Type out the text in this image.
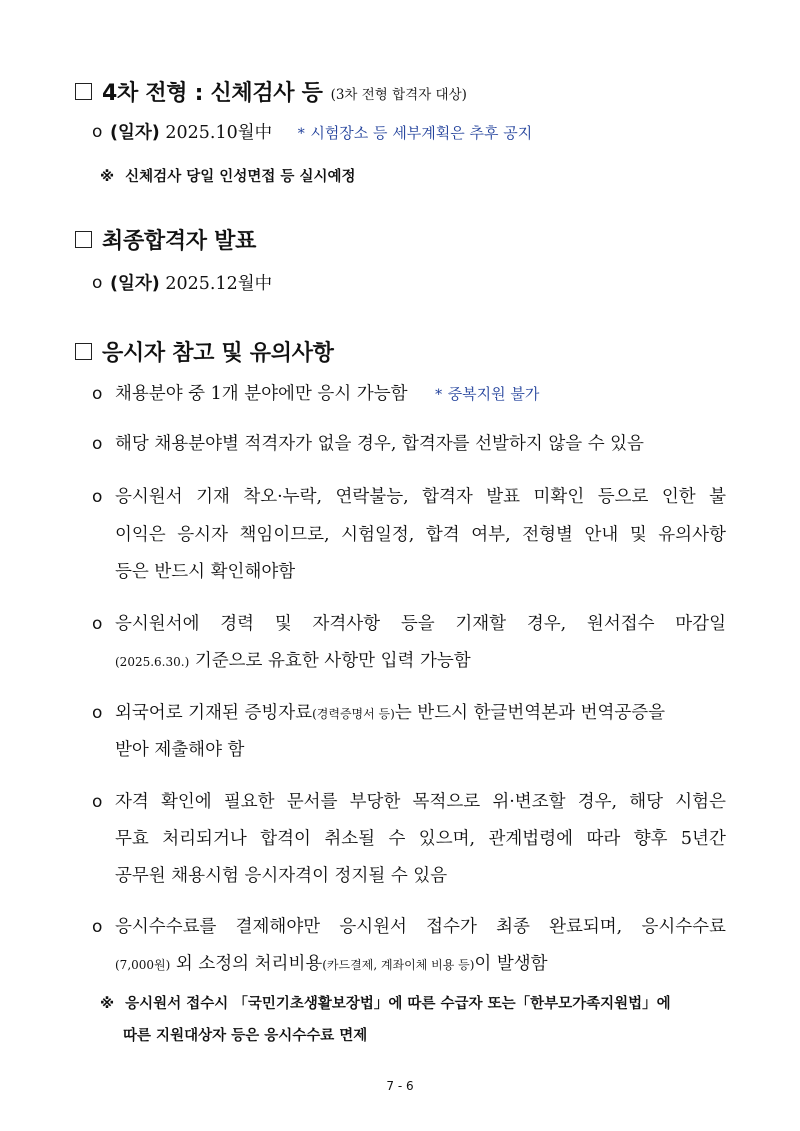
4차 전형 : 신체검사 등 (3차 전형 합격자 대상)
o (일자) 2025.10월中 * 시험장소 등 세부계획은 추후 공지
※ 신체검사 당일 인성면접 등 실시예정
최종합격자 발표
o (일자) 2025.12월中
응시자 참고 및 유의사항
o 채용분야 중 1개 분야에만 응시 가능함 * 중복지원 불가
o 해당 채용분야별 적격자가 없을 경우, 합격자를 선발하지 않을 수 있음
o 응시원서 기재 착오·누락, 연락불능, 합격자 발표 미확인 등으로 인한 불
이익은 응시자 책임이므로, 시험일정, 합격 여부, 전형별 안내 및 유의사항
등은 반드시 확인해야함
o 응시원서에 경력 및 자격사항 등을 기재할 경우, 원서접수 마감일
(2025.6.30.) 기준으로 유효한 사항만 입력 가능함
o 외국어로 기재된 증빙자료(경력증명서 등)는 반드시 한글번역본과 번역공증을
받아 제출해야 함
o 자격 확인에 필요한 문서를 부당한 목적으로 위·변조할 경우, 해당 시험은
무효 처리되거나 합격이 취소될 수 있으며, 관계법령에 따라 향후 5년간
공무원 채용시험 응시자격이 정지될 수 있음
o 응시수수료를 결제해야만 응시원서 접수가 최종 완료되며, 응시수수료
(7,000원) 외 소정의 처리비용(카드결제, 계좌이체 비용 등)이 발생함
※ 응시원서 접수시 「국민기초생활보장법」에 따른 수급자 또는「한부모가족지원법」에
따른 지원대상자 등은 응시수수료 면제
7 - 6
